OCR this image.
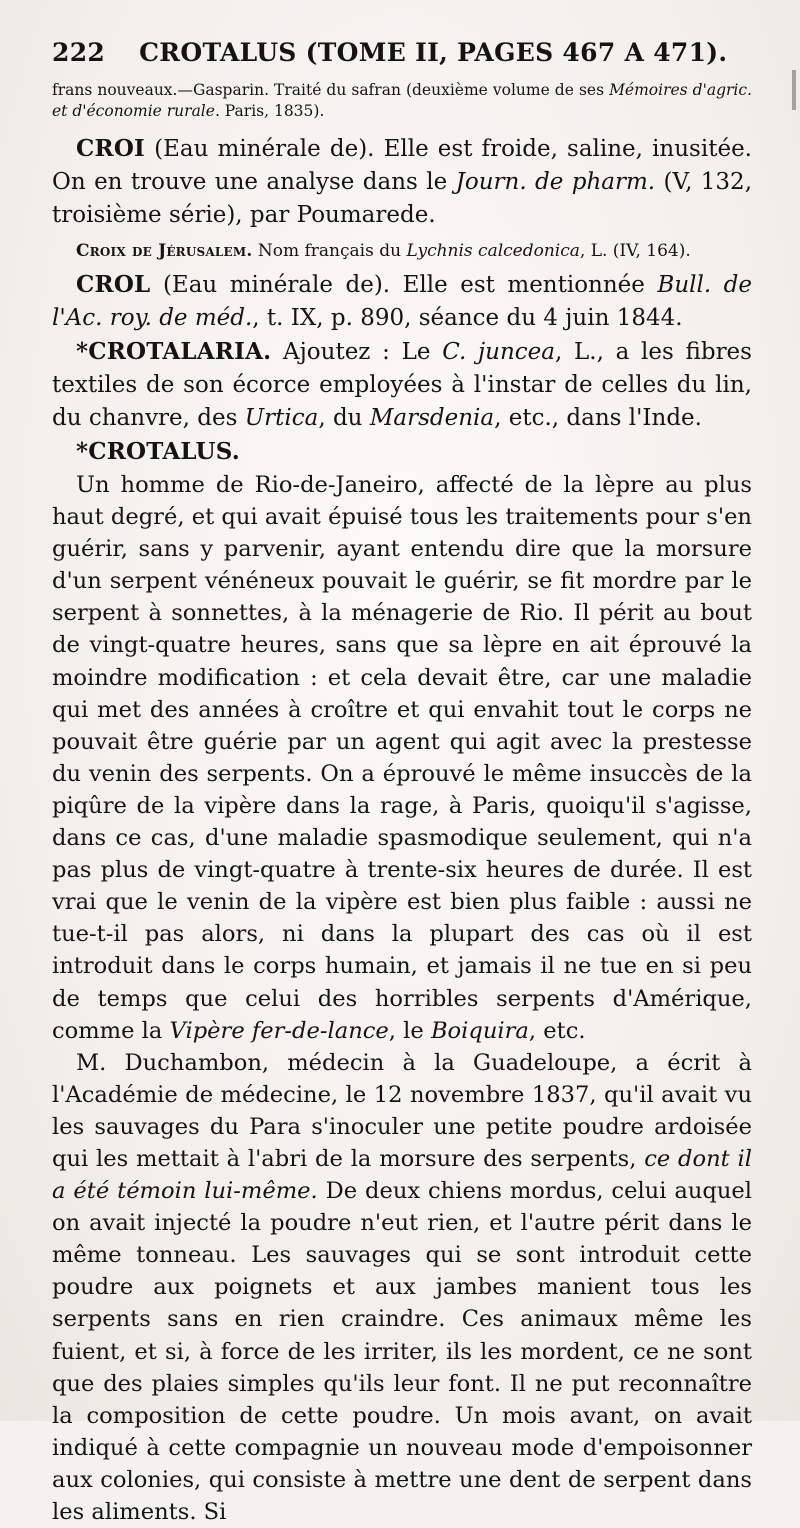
222 CROTALUS (TOME II, PAGES 467 A 471).

frans nouveaux.—Gasparin. Traité du safran (deuxième volume de ses Mémoires d'agric. et d'économie rurale. Paris, 1835).

CROI (Eau minérale de). Elle est froide, saline, inusitée. On en trouve une analyse dans le Journ. de pharm. (V, 132, troisième série), par Poumarede.

Croix de Jérusalem. Nom français du Lychnis calcedonica, L. (IV, 164).

CROL (Eau minérale de). Elle est mentionnée Bull. de l'Ac. roy. de méd., t. IX, p. 890, séance du 4 juin 1844.

*CROTALARIA. Ajoutez : Le C. juncea, L., a les fibres textiles de son écorce employées à l'instar de celles du lin, du chanvre, des Urtica, du Marsdenia, etc., dans l'Inde.

*CROTALUS.

Un homme de Rio-de-Janeiro, affecté de la lèpre au plus haut degré, et qui avait épuisé tous les traitements pour s'en guérir, sans y parvenir, ayant entendu dire que la morsure d'un serpent vénéneux pouvait le guérir, se fit mordre par le serpent à sonnettes, à la ménagerie de Rio. Il périt au bout de vingt-quatre heures, sans que sa lèpre en ait éprouvé la moindre modification : et cela devait être, car une maladie qui met des années à croître et qui envahit tout le corps ne pouvait être guérie par un agent qui agit avec la prestesse du venin des serpents. On a éprouvé le même insuccès de la piqûre de la vipère dans la rage, à Paris, quoiqu'il s'agisse, dans ce cas, d'une maladie spasmodique seulement, qui n'a pas plus de vingt-quatre à trente-six heures de durée. Il est vrai que le venin de la vipère est bien plus faible : aussi ne tue-t-il pas alors, ni dans la plupart des cas où il est introduit dans le corps humain, et jamais il ne tue en si peu de temps que celui des horribles serpents d'Amérique, comme la Vipère fer-de-lance, le Boiquira, etc.

M. Duchambon, médecin à la Guadeloupe, a écrit à l'Académie de médecine, le 12 novembre 1837, qu'il avait vu les sauvages du Para s'inoculer une petite poudre ardoisée qui les mettait à l'abri de la morsure des serpents, ce dont il a été témoin lui-même. De deux chiens mordus, celui auquel on avait injecté la poudre n'eut rien, et l'autre périt dans le même tonneau. Les sauvages qui se sont introduit cette poudre aux poignets et aux jambes manient tous les serpents sans en rien craindre. Ces animaux même les fuient, et si, à force de les irriter, ils les mordent, ce ne sont que des plaies simples qu'ils leur font. Il ne put reconnaître la composition de cette poudre. Un mois avant, on avait indiqué à cette compagnie un nouveau mode d'empoisonner aux colonies, qui consiste à mettre une dent de serpent dans les aliments. Si
